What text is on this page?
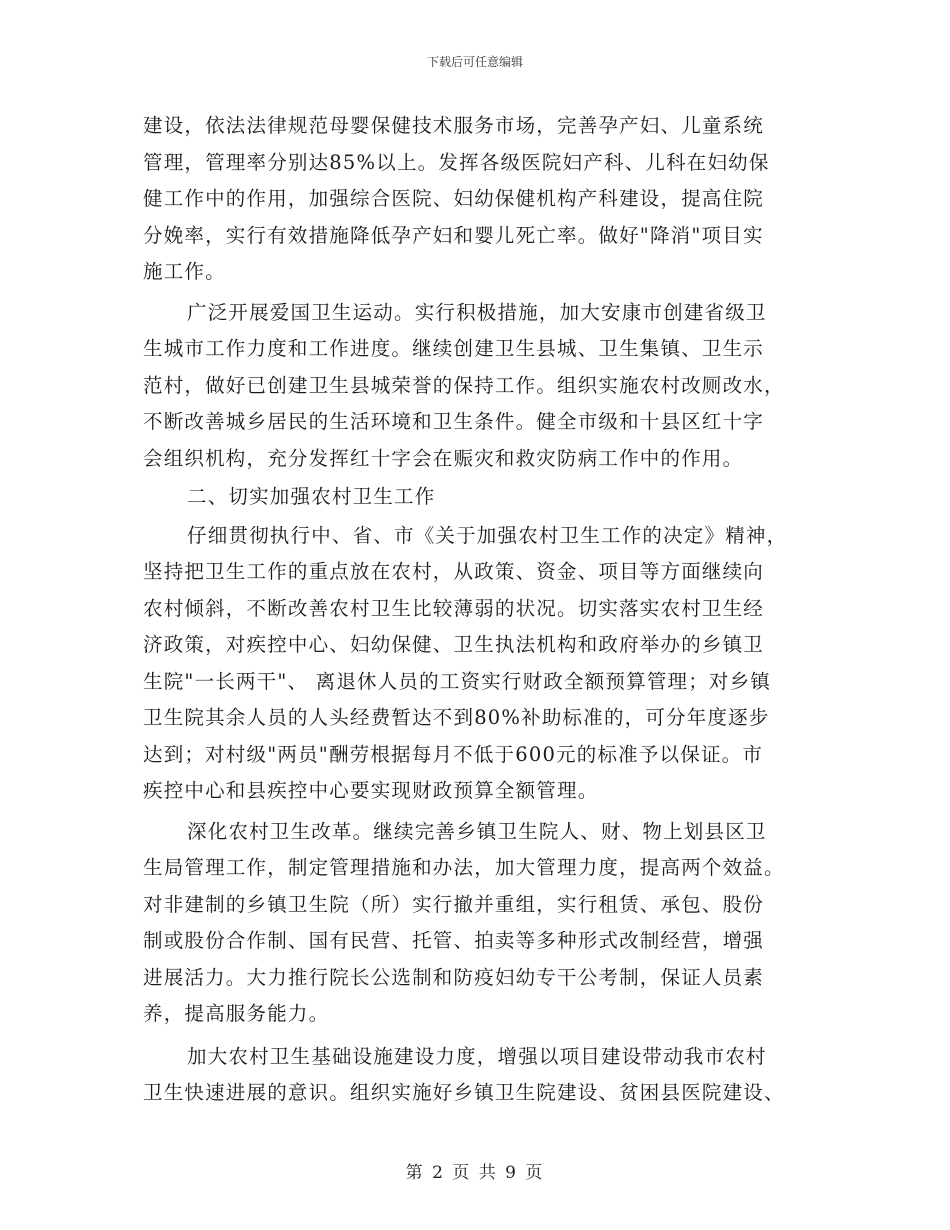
下载后可任意编辑
建设，依法法律规范母婴保健技术服务市场，完善孕产妇、儿童系统
管理，管理率分别达85%以上。发挥各级医院妇产科、儿科在妇幼保
健工作中的作用，加强综合医院、妇幼保健机构产科建设，提高住院
分娩率，实行有效措施降低孕产妇和婴儿死亡率。做好"降消"项目实
施工作。
广泛开展爱国卫生运动。实行积极措施，加大安康市创建省级卫
生城市工作力度和工作进度。继续创建卫生县城、卫生集镇、卫生示
范村，做好已创建卫生县城荣誉的保持工作。组织实施农村改厕改水，
不断改善城乡居民的生活环境和卫生条件。健全市级和十县区红十字
会组织机构，充分发挥红十字会在赈灾和救灾防病工作中的作用。
二、切实加强农村卫生工作
仔细贯彻执行中、省、市《关于加强农村卫生工作的决定》精神，
坚持把卫生工作的重点放在农村，从政策、资金、项目等方面继续向
农村倾斜，不断改善农村卫生比较薄弱的状况。切实落实农村卫生经
济政策，对疾控中心、妇幼保健、卫生执法机构和政府举办的乡镇卫
生院"一长两干"、 离退休人员的工资实行财政全额预算管理；对乡镇
卫生院其余人员的人头经费暂达不到80%补助标准的，可分年度逐步
达到；对村级"两员"酬劳根据每月不低于600元的标准予以保证。市
疾控中心和县疾控中心要实现财政预算全额管理。
深化农村卫生改革。继续完善乡镇卫生院人、财、物上划县区卫
生局管理工作，制定管理措施和办法，加大管理力度，提高两个效益。
对非建制的乡镇卫生院（所）实行撤并重组，实行租赁、承包、股份
制或股份合作制、国有民营、托管、拍卖等多种形式改制经营，增强
进展活力。大力推行院长公选制和防疫妇幼专干公考制，保证人员素
养，提高服务能力。
加大农村卫生基础设施建设力度，增强以项目建设带动我市农村
卫生快速进展的意识。组织实施好乡镇卫生院建设、贫困县医院建设、
第 2 页 共 9 页
